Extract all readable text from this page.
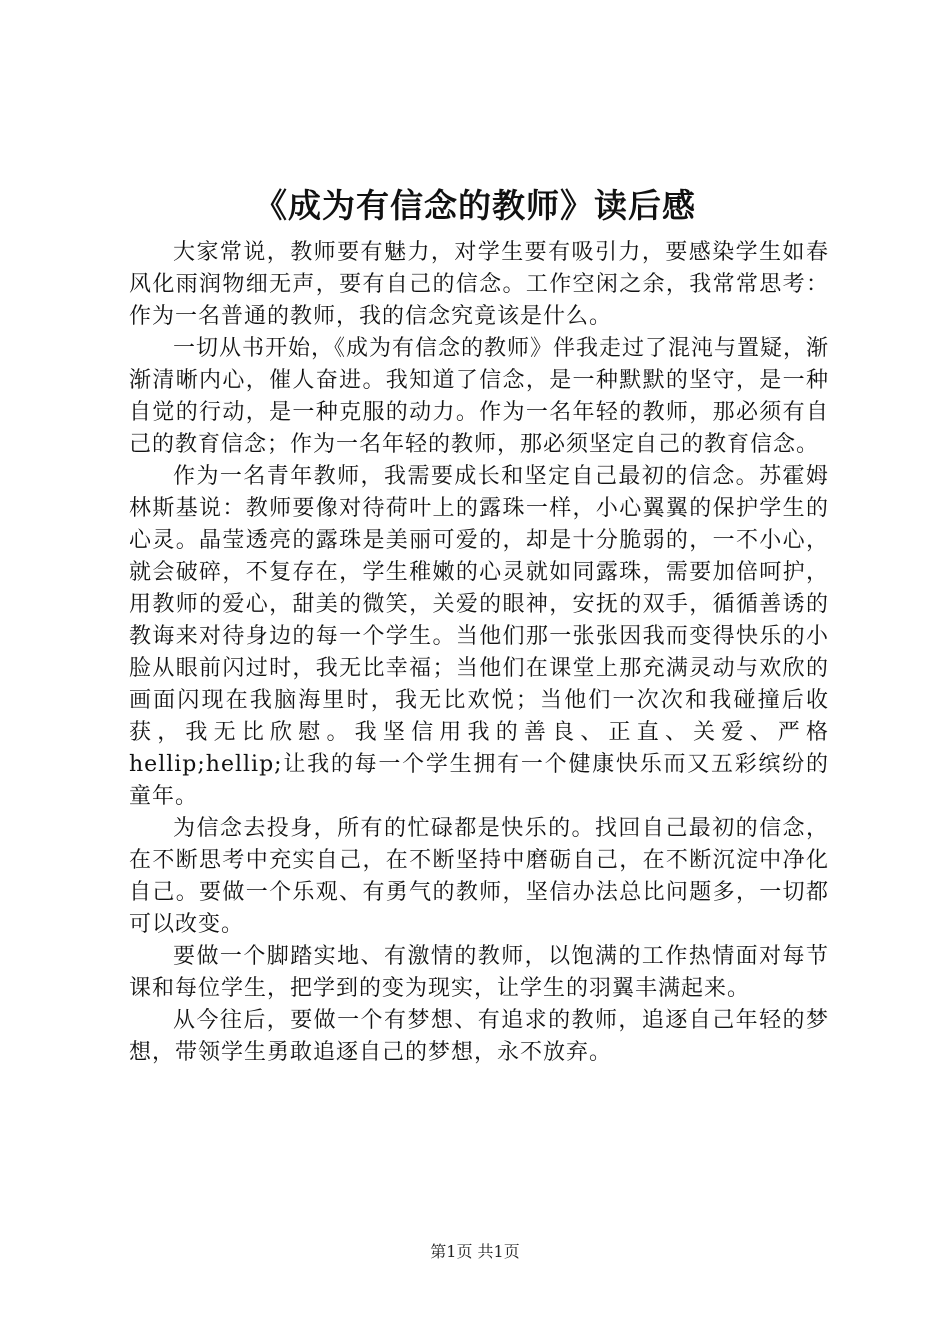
《成为有信念的教师》读后感

大家常说，教师要有魅力，对学生要有吸引力，要感染学生如春风化雨润物细无声，要有自己的信念。工作空闲之余，我常常思考：作为一名普通的教师，我的信念究竟该是什么。

一切从书开始，《成为有信念的教师》伴我走过了混沌与置疑，渐渐清晰内心，催人奋进。我知道了信念，是一种默默的坚守，是一种自觉的行动，是一种克服的动力。作为一名年轻的教师，那必须有自己的教育信念；作为一名年轻的教师，那必须坚定自己的教育信念。

作为一名青年教师，我需要成长和坚定自己最初的信念。苏霍姆林斯基说：教师要像对待荷叶上的露珠一样，小心翼翼的保护学生的心灵。晶莹透亮的露珠是美丽可爱的，却是十分脆弱的，一不小心，就会破碎，不复存在，学生稚嫩的心灵就如同露珠，需要加倍呵护，用教师的爱心，甜美的微笑，关爱的眼神，安抚的双手，循循善诱的教诲来对待身边的每一个学生。当他们那一张张因我而变得快乐的小脸从眼前闪过时，我无比幸福；当他们在课堂上那充满灵动与欢欣的画面闪现在我脑海里时，我无比欢悦；当他们一次次和我碰撞后收获，我无比欣慰。我坚信用我的善良、正直、关爱、严格hellip;hellip;让我的每一个学生拥有一个健康快乐而又五彩缤纷的童年。

为信念去投身，所有的忙碌都是快乐的。找回自己最初的信念，在不断思考中充实自己，在不断坚持中磨砺自己，在不断沉淀中净化自己。要做一个乐观、有勇气的教师，坚信办法总比问题多，一切都可以改变。

要做一个脚踏实地、有激情的教师，以饱满的工作热情面对每节课和每位学生，把学到的变为现实，让学生的羽翼丰满起来。

从今往后，要做一个有梦想、有追求的教师，追逐自己年轻的梦想，带领学生勇敢追逐自己的梦想，永不放弃。

第1页 共1页
